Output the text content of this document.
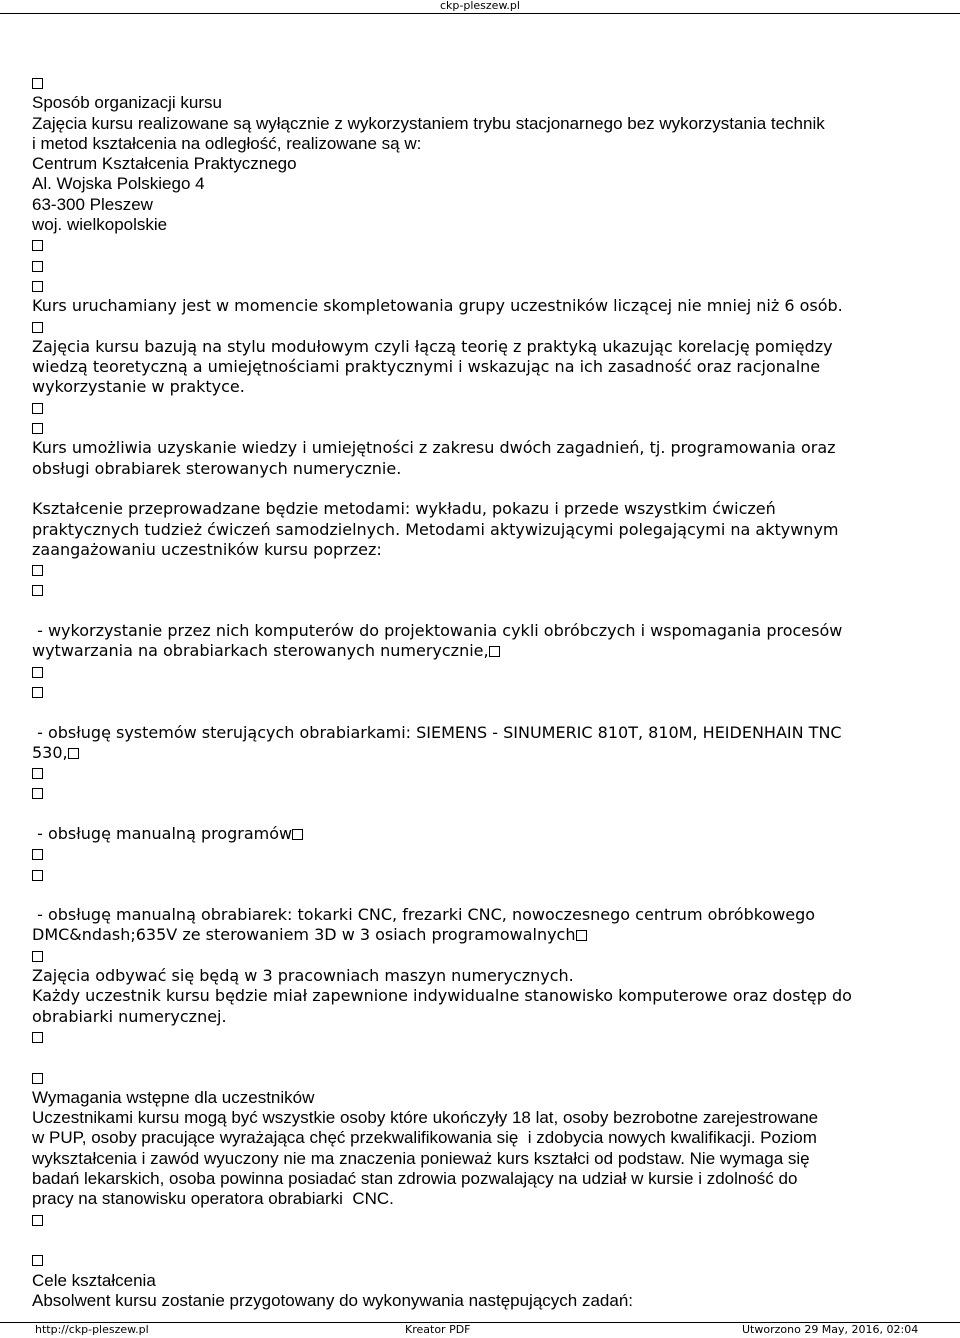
ckp-pleszew.pl
Sposób organizacji kursu
Zajęcia kursu realizowane są wyłącznie z wykorzystaniem trybu stacjonarnego bez wykorzystania technik
i metod kształcenia na odległość, realizowane są w:
Centrum Kształcenia Praktycznego
Al. Wojska Polskiego 4
63-300 Pleszew
woj. wielkopolskie
Kurs uruchamiany jest w momencie skompletowania grupy uczestników liczącej nie mniej niż 6 osób.
Zajęcia kursu bazują na stylu modułowym czyli łączą teorię z praktyką ukazując korelację pomiędzy
wiedzą teoretyczną a umiejętnościami praktycznymi i wskazując na ich zasadność oraz racjonalne
wykorzystanie w praktyce.
Kurs umożliwia uzyskanie wiedzy i umiejętności z zakresu dwóch zagadnień, tj. programowania oraz
obsługi obrabiarek sterowanych numerycznie.
Kształcenie przeprowadzane będzie metodami: wykładu, pokazu i przede wszystkim ćwiczeń
praktycznych tudzież ćwiczeń samodzielnych. Metodami aktywizującymi polegającymi na aktywnym
zaangażowaniu uczestników kursu poprzez:
- wykorzystanie przez nich komputerów do projektowania cykli obróbczych i wspomagania procesów
wytwarzania na obrabiarkach sterowanych numerycznie,
- obsługę systemów sterujących obrabiarkami: SIEMENS - SINUMERIC 810T, 810M, HEIDENHAIN TNC
530,
- obsługę manualną programów
- obsługę manualną obrabiarek: tokarki CNC, frezarki CNC, nowoczesnego centrum obróbkowego
DMC&ndash;635V ze sterowaniem 3D w 3 osiach programowalnych
Zajęcia odbywać się będą w 3 pracowniach maszyn numerycznych.
Każdy uczestnik kursu będzie miał zapewnione indywidualne stanowisko komputerowe oraz dostęp do
obrabiarki numerycznej.
Wymagania wstępne dla uczestników
Uczestnikami kursu mogą być wszystkie osoby które ukończyły 18 lat, osoby bezrobotne zarejestrowane
w PUP, osoby pracujące wyrażająca chęć przekwalifikowania się  i zdobycia nowych kwalifikacji. Poziom
wykształcenia i zawód wyuczony nie ma znaczenia ponieważ kurs kształci od podstaw. Nie wymaga się
badań lekarskich, osoba powinna posiadać stan zdrowia pozwalający na udział w kursie i zdolność do
pracy na stanowisku operatora obrabiarki  CNC.
Cele kształcenia
Absolwent kursu zostanie przygotowany do wykonywania następujących zadań:
http://ckp-pleszew.pl	Kreator PDF	Utworzono 29 May, 2016, 02:04
